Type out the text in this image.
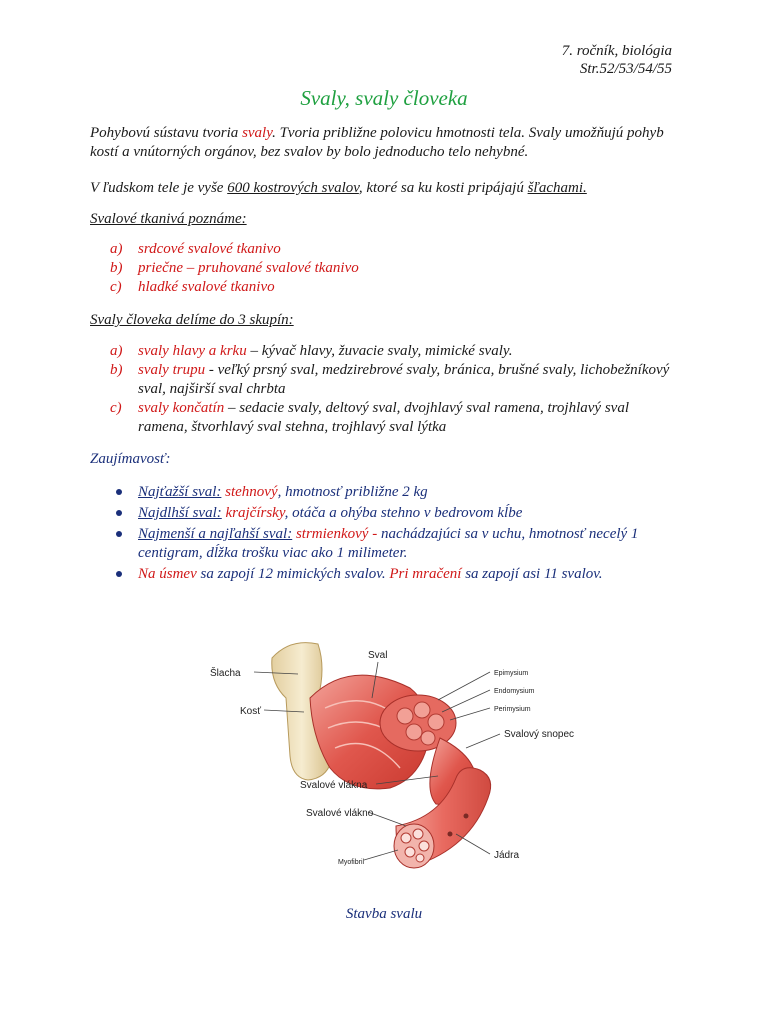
7. ročník, biológia
Str.52/53/54/55
Svaly, svaly človeka
Pohybovú sústavu tvoria svaly. Tvoria približne polovicu hmotnosti tela. Svaly umožňujú pohyb kostí a vnútorných orgánov, bez svalov by bolo jednoducho telo nehybné.
V ľudskom tele je vyše 600 kostrových svalov, ktoré sa ku kosti pripájajú šľachami.
Svalové tkanivá poznáme:
a) srdcové svalové tkanivo
b) priečne – pruhované svalové tkanivo
c) hladké svalové tkanivo
Svaly človeka delíme do 3 skupín:
a) svaly hlavy a krku – kývač hlavy, žuvacie svaly, mimické svaly.
b) svaly trupu - veľký prsný sval, medzirebrové svaly, bránica, brušné svaly, lichobežníkový sval, najširší sval chrbta
c) svaly končatín – sedacie svaly, deltový sval, dvojhlavý sval ramena, trojhlavý sval ramena, štvorhlavý sval stehna, trojhlavý sval lýtka
Zaujímavosť:
Najťažší sval: stehnový, hmotnosť približne 2 kg
Najdlhší sval: krajčírsky, otáča a ohýba stehno v bedrovom kĺbe
Najmenší a najľahší sval: strmienkový - nachádzajúci sa v uchu, hmotnosť necelý 1 centigram, dĺžka trošku viac ako 1 milimeter.
Na úsmev sa zapojí 12 mimických svalov. Pri mračení sa zapojí asi 11 svalov.
Šlacha
Kosť
Sval
Epimysium
Endomysium
Perimysium
Svalový snopec
Svalové vlákna
Svalové vlákno
Jádra
Myofibril
Stavba svalu
